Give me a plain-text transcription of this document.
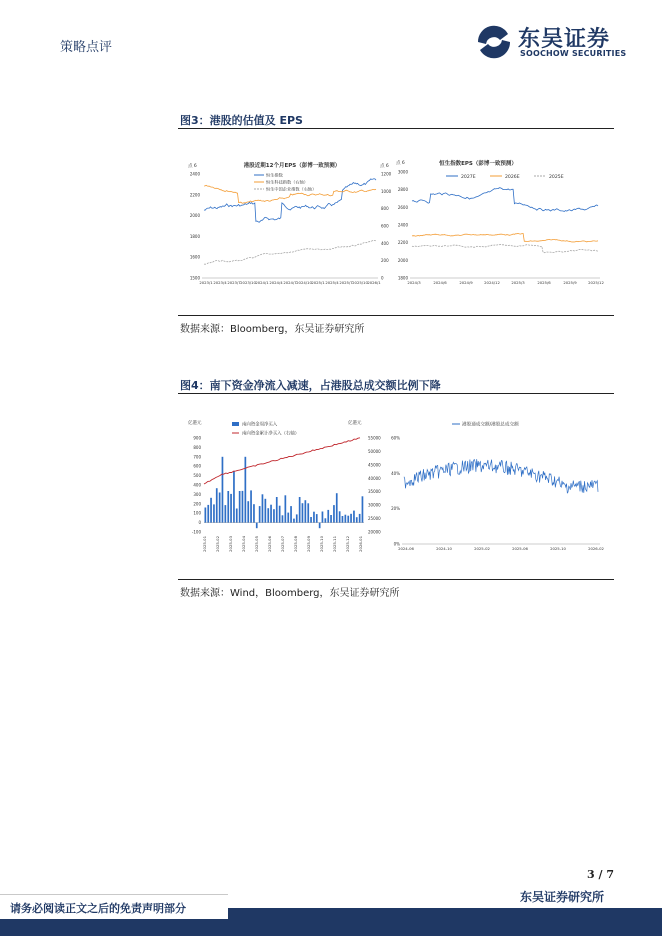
策略点评	东吴证券
SOOCHOW SECURITIES
图3：港股的估值及 EPS
港股近期12个月EPS（彭博一致预测）
点 6	点 6
恒生指数
恒生科技指数（右轴）
恒生中国企业指数（右轴）
2400
2200
2000
1800
1600
1500
1200
1000
800
600
400
200
0
2023/1 2023/4 2023/7 2023/10 2024/1 2024/4 2024/7 2024/10 2025/1 2025/4 2025/7 2025/10 2026/1
点 6	恒生指数EPS（彭博一致预测）
2027E	2026E	2025E
3000
2800
2600
2400
2200
2000
1800
2024/3	2024/6	2024/9	2024/12	2025/3	2025/6	2025/9	2025/12
数据来源：Bloomberg，东吴证券研究所
图4：南下资金净流入减速，占港股总成交额比例下降
亿港元	亿港元
南向资金周净买入
南向资金累计净买入（右轴）
900
800
700
600
500
400
300
200
100
0
-100
55000
50000
45000
40000
35000
30000
25000
20000
2025-01 2025-02 2025-03 2025-04 2025-05 2025-06 2025-07 2025-08 2025-09 2025-10 2025-11 2025-12 2026-01
港股通成交额/港股总成交额
60%
40%
20%
0%
2024-06	2024-10	2025-02	2025-06	2025-10	2026-02
数据来源：Wind，Bloomberg，东吴证券研究所
3 / 7
东吴证券研究所
请务必阅读正文之后的免责声明部分
